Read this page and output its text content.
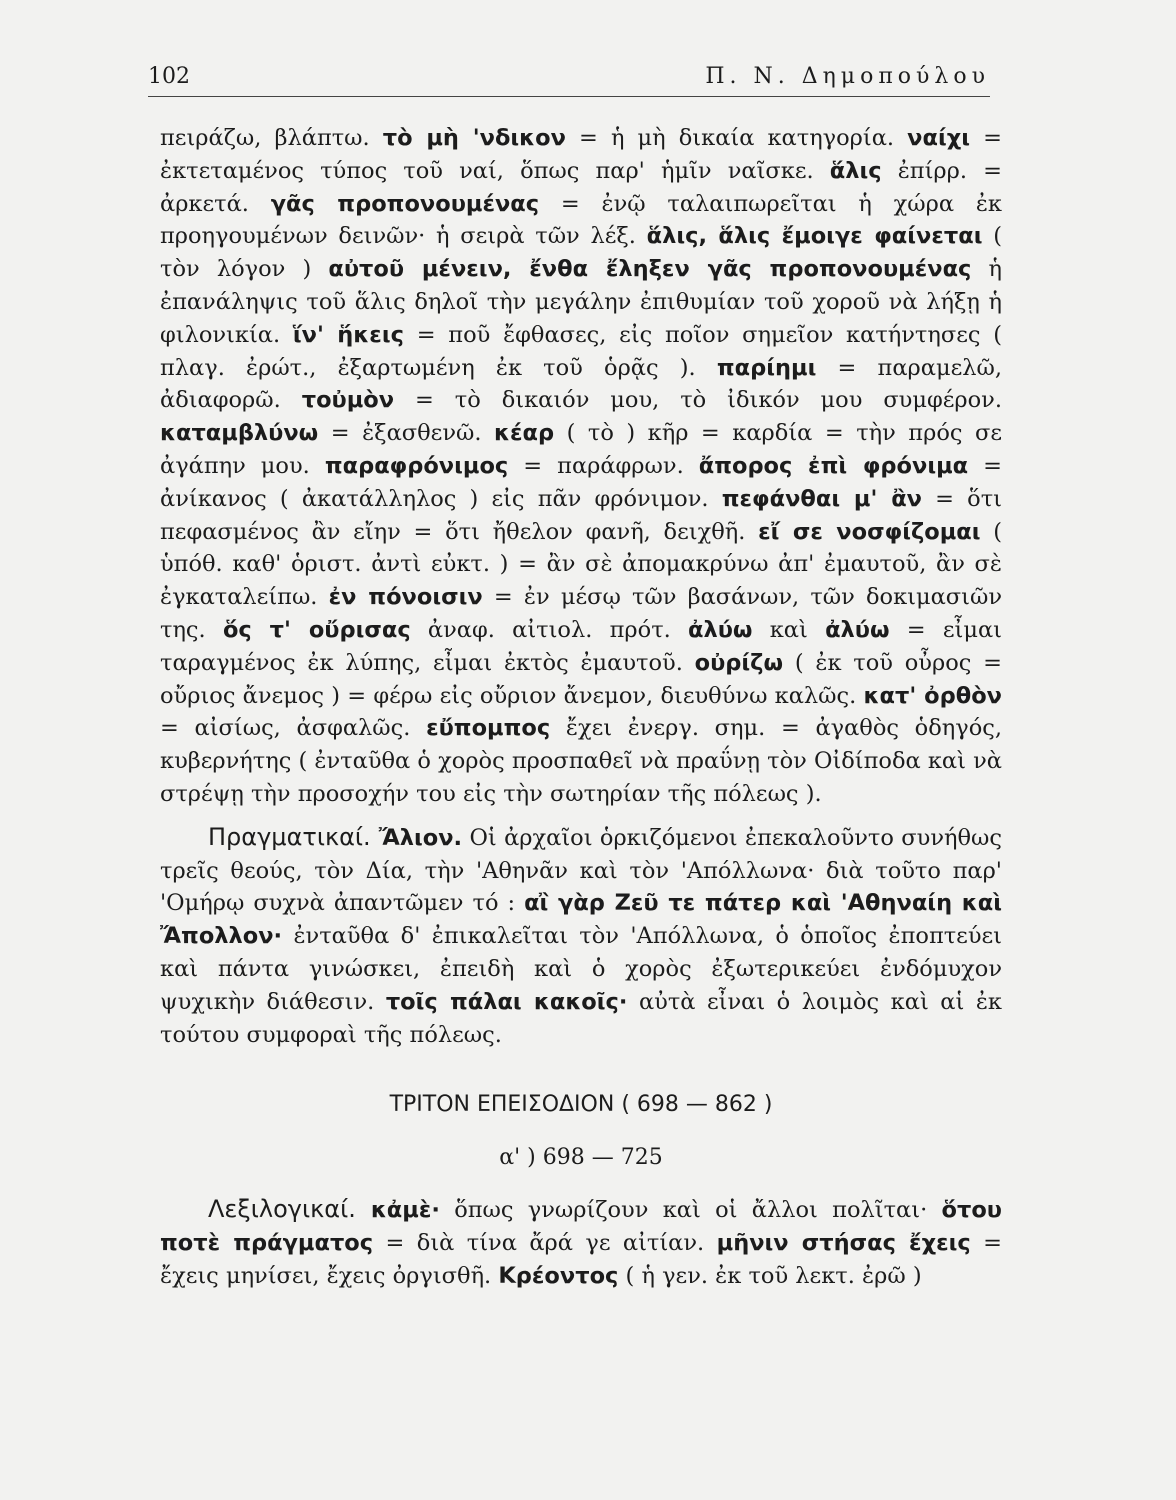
102	Π. Ν. Δημοπούλου

πειράζω, βλάπτω. τὸ μὴ 'νδικον = ἡ μὴ δικαία κατηγορία. ναίχι = ἐκτεταμένος τύπος τοῦ ναί, ὅπως παρ' ἡμῖν ναῖσκε. ἅλις ἐπίρρ. = ἀρκετά. γᾶς προπονουμένας = ἐνῷ ταλαιπωρεῖται ἡ χώρα ἐκ προηγουμένων δεινῶν· ἡ σειρὰ τῶν λέξ. ἅλις, ἅλις ἔμοιγε φαίνεται ( τὸν λόγον ) αὐτοῦ μένειν, ἔνθα ἔληξεν γᾶς προπονουμένας ἡ ἐπανάληψις τοῦ ἅλις δηλοῖ τὴν μεγάλην ἐπιθυμίαν τοῦ χοροῦ νὰ λήξῃ ἡ φιλονικία. ἵν' ἥκεις = ποῦ ἔφθασες, εἰς ποῖον σημεῖον κατήντησες ( πλαγ. ἐρώτ., ἐξαρτωμένη ἐκ τοῦ ὁρᾷς ). παρίημι = παραμελῶ, ἀδιαφορῶ. τοὐμὸν = τὸ δικαιόν μου, τὸ ἰδικόν μου συμφέρον. καταμβλύνω = ἐξασθενῶ. κέαρ ( τὸ ) κῆρ = καρδία = τὴν πρός σε ἀγάπην μου. παραφρόνιμος = παράφρων. ἄπορος ἐπὶ φρόνιμα = ἀνίκανος ( ἀκατάλληλος ) εἰς πᾶν φρόνιμον. πεφάνθαι μ' ἂν = ὅτι πεφασμένος ἂν εἴην = ὅτι ἤθελον φανῆ, δειχθῆ. εἴ σε νοσφίζομαι ( ὑπόθ. καθ' ὁριστ. ἀντὶ εὐκτ. ) = ἂν σὲ ἀπομακρύνω ἀπ' ἐμαυτοῦ, ἂν σὲ ἐγκαταλείπω. ἐν πόνοισιν = ἐν μέσῳ τῶν βασάνων, τῶν δοκιμασιῶν της. ὅς τ' οὔρισας ἀναφ. αἰτιολ. πρότ. ἀλύω καὶ ἀλύω = εἶμαι ταραγμένος ἐκ λύπης, εἶμαι ἐκτὸς ἐμαυτοῦ. οὐρίζω ( ἐκ τοῦ οὖρος = οὔριος ἄνεμος ) = φέρω εἰς οὔριον ἄνεμον, διευθύνω καλῶς. κατ' ὀρθὸν = αἰσίως, ἀσφαλῶς. εὔπομπος ἔχει ἐνεργ. σημ. = ἀγαθὸς ὁδηγός, κυβερνήτης ( ἐνταῦθα ὁ χορὸς προσπαθεῖ νὰ πραΰνῃ τὸν Οἰδίποδα καὶ νὰ στρέψῃ τὴν προσοχήν του εἰς τὴν σωτηρίαν τῆς πόλεως ).

Πραγματικαί. Ἄλιον. Οἱ ἀρχαῖοι ὁρκιζόμενοι ἐπεκαλοῦντο συνήθως τρεῖς θεούς, τὸν Δία, τὴν 'Αθηνᾶν καὶ τὸν 'Απόλλωνα· διὰ τοῦτο παρ' 'Ομήρῳ συχνὰ ἀπαντῶμεν τό : αἲ γὰρ Ζεῦ τε πάτερ καὶ 'Αθηναίη καὶ Ἄπολλον· ἐνταῦθα δ' ἐπικαλεῖται τὸν 'Απόλλωνα, ὁ ὁποῖος ἐποπτεύει καὶ πάντα γινώσκει, ἐπειδὴ καὶ ὁ χορὸς ἐξωτερικεύει ἐνδόμυχον ψυχικὴν διάθεσιν. τοῖς πάλαι κακοῖς· αὐτὰ εἶναι ὁ λοιμὸς καὶ αἱ ἐκ τούτου συμφοραὶ τῆς πόλεως.

ΤΡΙΤΟΝ ΕΠΕΙΣΟΔΙΟΝ ( 698 — 862 )

α' ) 698 — 725

Λεξιλογικαί. κἀμὲ· ὅπως γνωρίζουν καὶ οἱ ἄλλοι πολῖται· ὅτου ποτὲ πράγματος = διὰ τίνα ἄρά γε αἰτίαν. μῆνιν στήσας ἔχεις = ἔχεις μηνίσει, ἔχεις ὀργισθῆ. Κρέοντος ( ἡ γεν. ἐκ τοῦ λεκτ. ἐρῶ )
